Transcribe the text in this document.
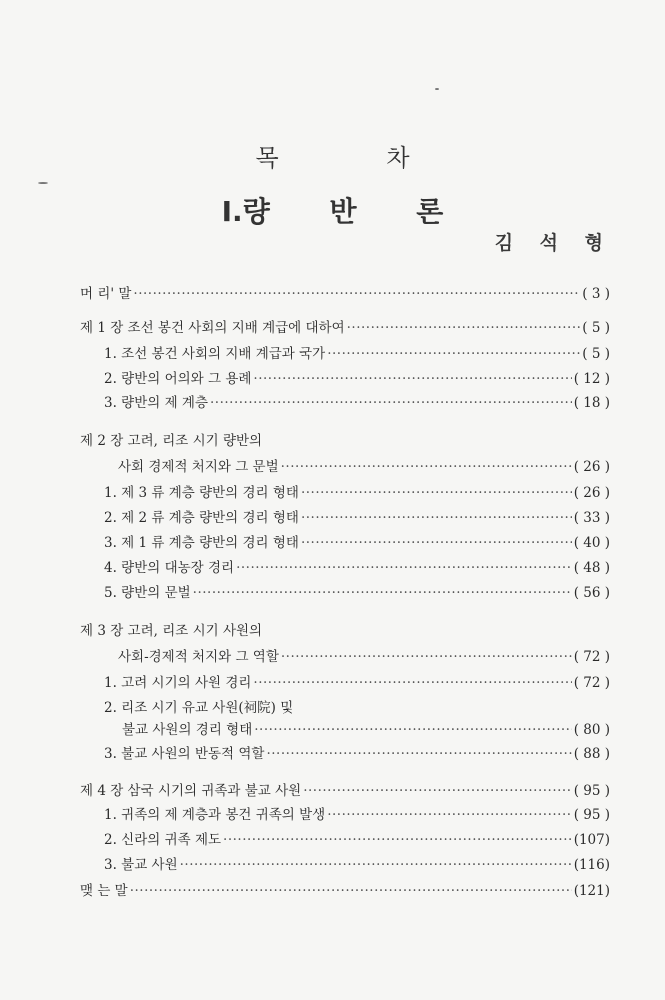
목 차
I.량 반 론
김 석 형
머 리' 말 ·····	( 3 )
제 1 장 조선 봉건 사회의 지배 계급에 대하여 ·····	( 5 )
1. 조선 봉건 사회의 지배 계급과 국가 ·····	( 5 )
2. 량반의 어의와 그 용례 ·····	( 12 )
3. 량반의 제 계층 ·····	( 18 )
제 2 장 고려, 리조 시기 량반의
사회 경제적 처지와 그 문벌 ·····	( 26 )
1. 제 3 류 계층 량반의 경리 형태 ·····	( 26 )
2. 제 2 류 계층 량반의 경리 형태 ·····	( 33 )
3. 제 1 류 계층 량반의 경리 형태 ·····	( 40 )
4. 량반의 대농장 경리 ·····	( 48 )
5. 량반의 문벌 ·····	( 56 )
제 3 장 고려, 리조 시기 사원의
사회-경제적 처지와 그 역할 ·····	( 72 )
1. 고려 시기의 사원 경리 ·····	( 72 )
2. 리조 시기 유교 사원(祠院) 및
불교 사원의 경리 형태 ·····	( 80 )
3. 불교 사원의 반동적 역할 ·····	( 88 )
제 4 장 삼국 시기의 귀족과 불교 사원 ·····	( 95 )
1. 귀족의 제 계층과 봉건 귀족의 발생 ·····	( 95 )
2. 신라의 귀족 제도 ·····	(107)
3. 불교 사원 ·····	(116)
맺 는 말 ·····	(121)
